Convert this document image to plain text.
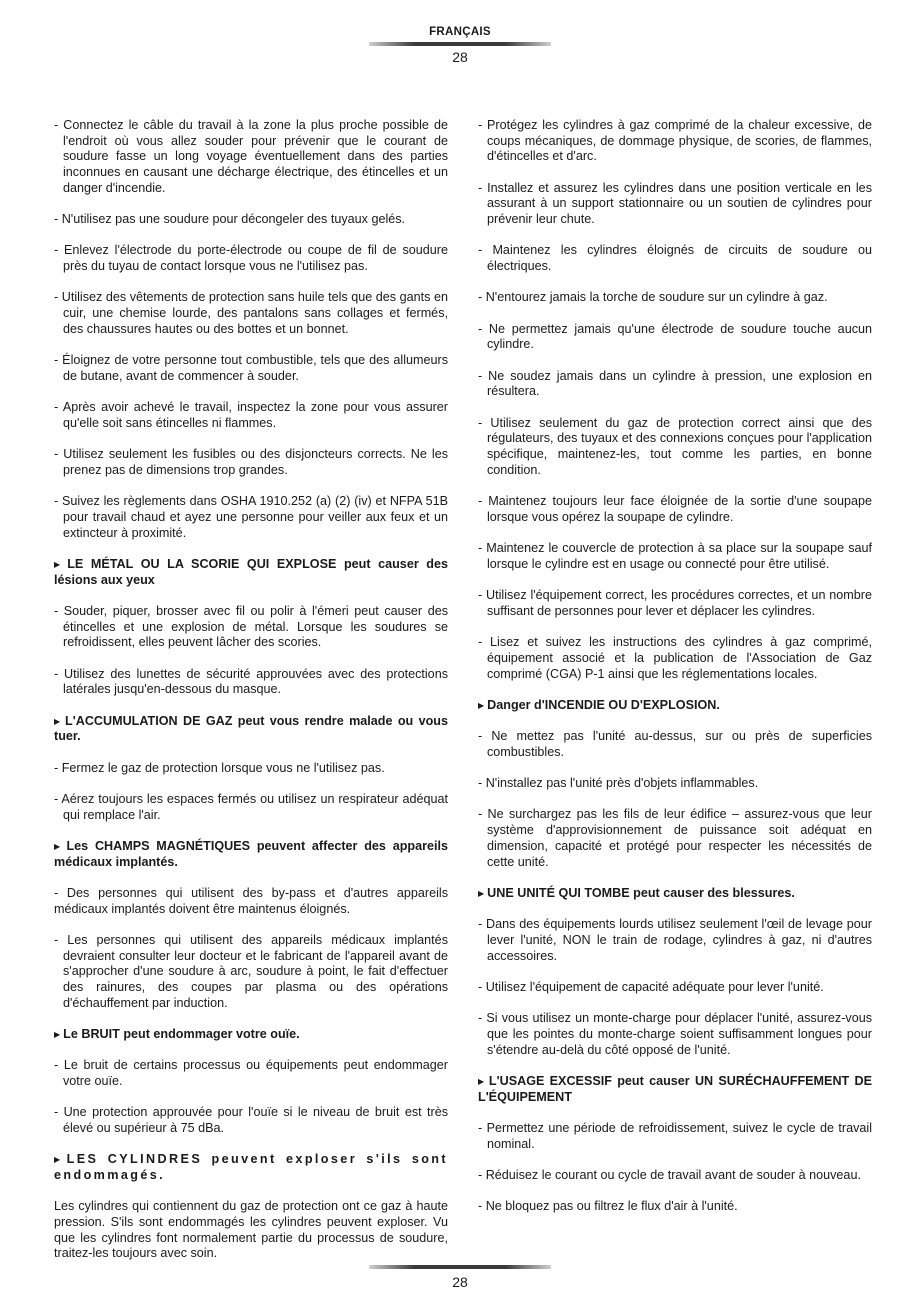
FRANÇAIS
28

- Connectez le câble du travail à la zone la plus proche possible de l'endroit où vous allez souder pour prévenir que le courant de soudure fasse un long voyage éventuellement dans des parties inconnues en causant une décharge électrique, des étincelles et un danger d'incendie.

- N'utilisez pas une soudure pour décongeler des tuyaux gelés.

- Enlevez l'électrode du porte-électrode ou coupe de fil de soudure près du tuyau de contact lorsque vous ne l'utilisez pas.

- Utilisez des vêtements de protection sans huile tels que des gants en cuir, une chemise lourde, des pantalons sans collages et fermés, des chaussures hautes ou des bottes et un bonnet.

- Éloignez de votre personne tout combustible, tels que des allumeurs de butane, avant de commencer à souder.

- Après avoir achevé le travail, inspectez la zone pour vous assurer qu'elle soit sans étincelles ni flammes.

- Utilisez seulement les fusibles ou des disjoncteurs corrects. Ne les prenez pas de dimensions trop grandes.

- Suivez les règlements dans OSHA 1910.252 (a) (2) (iv) et NFPA 51B pour travail chaud et ayez une personne pour veiller aux feux et un extincteur à proximité.

▶ LE MÉTAL OU LA SCORIE QUI EXPLOSE peut causer des lésions aux yeux

- Souder, piquer, brosser avec fil ou polir à l'émeri peut causer des étincelles et une explosion de métal. Lorsque les soudures se refroidissent, elles peuvent lâcher des scories.

- Utilisez des lunettes de sécurité approuvées avec des protections latérales jusqu'en-dessous du masque.

▶ L'ACCUMULATION DE GAZ peut vous rendre malade ou vous tuer.

- Fermez le gaz de protection lorsque vous ne l'utilisez pas.

- Aérez toujours les espaces fermés ou utilisez un respirateur adéquat qui remplace l'air.

▶ Les CHAMPS MAGNÉTIQUES peuvent affecter des appareils médicaux implantés.

- Des personnes qui utilisent des by-pass et d'autres appareils médicaux implantés doivent être maintenus éloignés.

- Les personnes qui utilisent des appareils médicaux implantés devraient consulter leur docteur et le fabricant de l'appareil avant de s'approcher d'une soudure à arc, soudure à point, le fait d'effectuer des rainures, des coupes par plasma ou des opérations d'échauffement par induction.

▶ Le BRUIT peut endommager votre ouïe.

- Le bruit de certains processus ou équipements peut endommager votre ouïe.

- Une protection approuvée pour l'ouïe si le niveau de bruit est très élevé ou supérieur à 75 dBa.

▶ LES CYLINDRES peuvent exploser s'ils sont endommagés.

Les cylindres qui contiennent du gaz de protection ont ce gaz à haute pression. S'ils sont endommagés les cylindres peuvent exploser. Vu que les cylindres font normalement partie du processus de soudure, traitez-les toujours avec soin.

- Protégez les cylindres à gaz comprimé de la chaleur excessive, de coups mécaniques, de dommage physique, de scories, de flammes, d'étincelles et d'arc.

- Installez et assurez les cylindres dans une position verticale en les assurant à un support stationnaire ou un soutien de cylindres pour prévenir leur chute.

- Maintenez les cylindres éloignés de circuits de soudure ou électriques.

- N'entourez jamais la torche de soudure sur un cylindre à gaz.

- Ne permettez jamais qu'une électrode de soudure touche aucun cylindre.

- Ne soudez jamais dans un cylindre à pression, une explosion en résultera.

- Utilisez seulement du gaz de protection correct ainsi que des régulateurs, des tuyaux et des connexions conçues pour l'application spécifique, maintenez-les, tout comme les parties, en bonne condition.

- Maintenez toujours leur face éloignée de la sortie d'une soupape lorsque vous opérez la soupape de cylindre.

- Maintenez le couvercle de protection à sa place sur la soupape sauf lorsque le cylindre est en usage ou connecté pour être utilisé.

- Utilisez l'équipement correct, les procédures correctes, et un nombre suffisant de personnes pour lever et déplacer les cylindres.

- Lisez et suivez les instructions des cylindres à gaz comprimé, équipement associé et la publication de l'Association de Gaz comprimé (CGA) P-1 ainsi que les réglementations locales.

▶ Danger d'INCENDIE OU D'EXPLOSION.

- Ne mettez pas l'unité au-dessus, sur ou près de superficies combustibles.

- N'installez pas l'unité près d'objets inflammables.

- Ne surchargez pas les fils de leur édifice – assurez-vous que leur système d'approvisionnement de puissance soit adéquat en dimension, capacité et protégé pour respecter les nécessités de cette unité.

▶ UNE UNITÉ QUI TOMBE peut causer des blessures.

- Dans des équipements lourds utilisez seulement l'œil de levage pour lever l'unité, NON le train de rodage, cylindres à gaz, ni d'autres accessoires.

- Utilisez l'équipement de capacité adéquate pour lever l'unité.

- Si vous utilisez un monte-charge pour déplacer l'unité, assurez-vous que les pointes du monte-charge soient suffisamment longues pour s'étendre au-delà du côté opposé de l'unité.

▶ L'USAGE EXCESSIF peut causer UN SURÉCHAUFFEMENT DE L'ÉQUIPEMENT

- Permettez une période de refroidissement, suivez le cycle de travail nominal.

- Réduisez le courant ou cycle de travail avant de souder à nouveau.

- Ne bloquez pas ou filtrez le flux d'air à l'unité.

28
